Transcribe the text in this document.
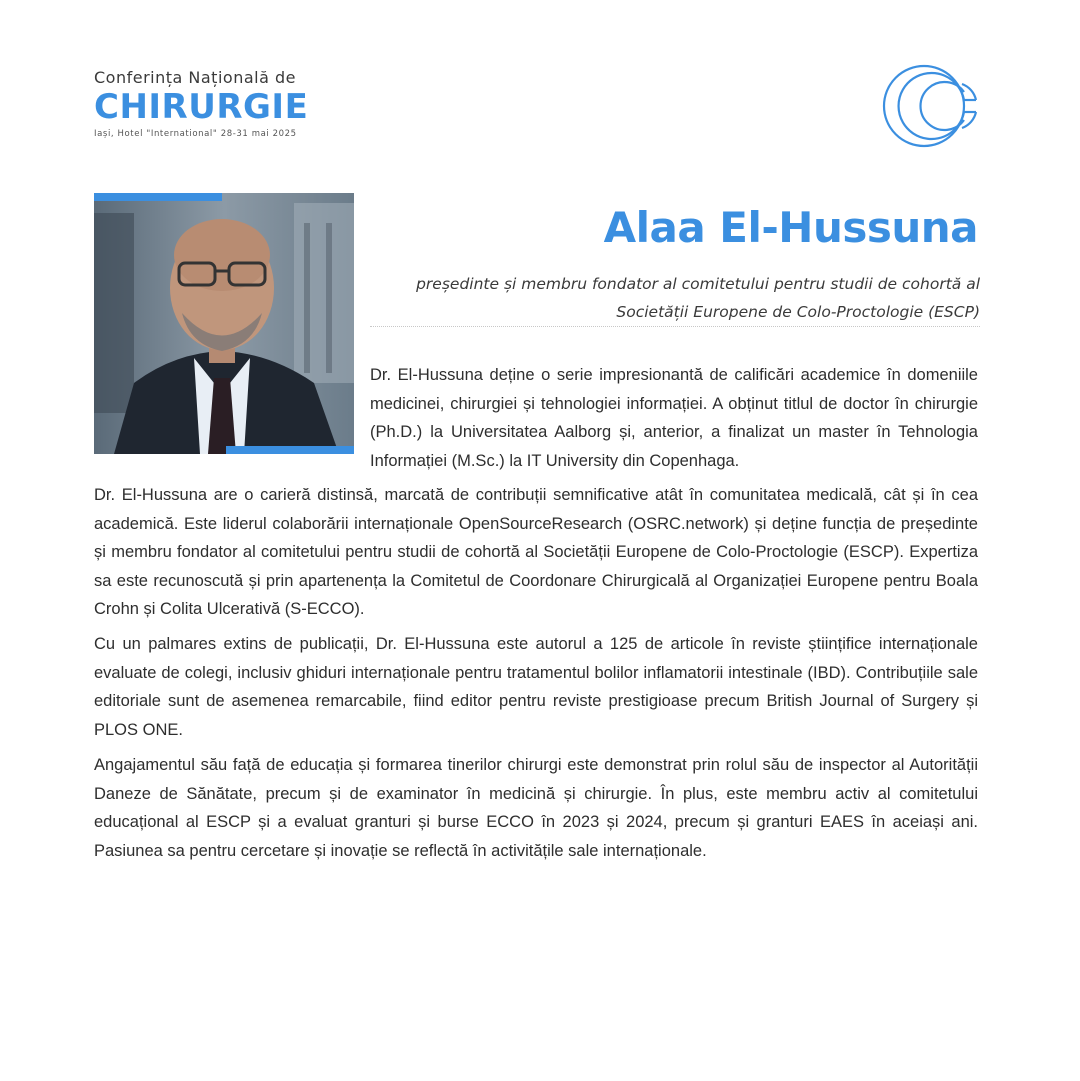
Conferința Națională de
CHIRURGIE
Iași, Hotel "International" 28-31 mai 2025
Alaa El-Hussuna
președinte și membru fondator al comitetului pentru studii de cohortă al Societății Europene de Colo-Proctologie (ESCP)

Dr. El-Hussuna deține o serie impresionantă de calificări academice în domeniile medicinei, chirurgiei și tehnologiei informației. A obținut titlul de doctor în chirurgie (Ph.D.) la Universitatea Aalborg și, anterior, a finalizat un master în Tehnologia Informației (M.Sc.) la IT University din Copenhaga.

Dr. El-Hussuna are o carieră distinsă, marcată de contribuții semnificative atât în comunitatea medicală, cât și în cea academică. Este liderul colaborării internaționale OpenSourceResearch (OSRC.network) și deține funcția de președinte și membru fondator al comitetului pentru studii de cohortă al Societății Europene de Colo-Proctologie (ESCP). Expertiza sa este recunoscută și prin apartenența la Comitetul de Coordonare Chirurgicală al Organizației Europene pentru Boala Crohn și Colita Ulcerativă (S-ECCO).

Cu un palmares extins de publicații, Dr. El-Hussuna este autorul a 125 de articole în reviste științifice internaționale evaluate de colegi, inclusiv ghiduri internaționale pentru tratamentul bolilor inflamatorii intestinale (IBD). Contribuțiile sale editoriale sunt de asemenea remarcabile, fiind editor pentru reviste prestigioase precum British Journal of Surgery și PLOS ONE.

Angajamentul său față de educația și formarea tinerilor chirurgi este demonstrat prin rolul său de inspector al Autorității Daneze de Sănătate, precum și de examinator în medicină și chirurgie. În plus, este membru activ al comitetului educațional al ESCP și a evaluat granturi și burse ECCO în 2023 și 2024, precum și granturi EAES în aceiași ani. Pasiunea sa pentru cercetare și inovație se reflectă în activitățile sale internaționale.
